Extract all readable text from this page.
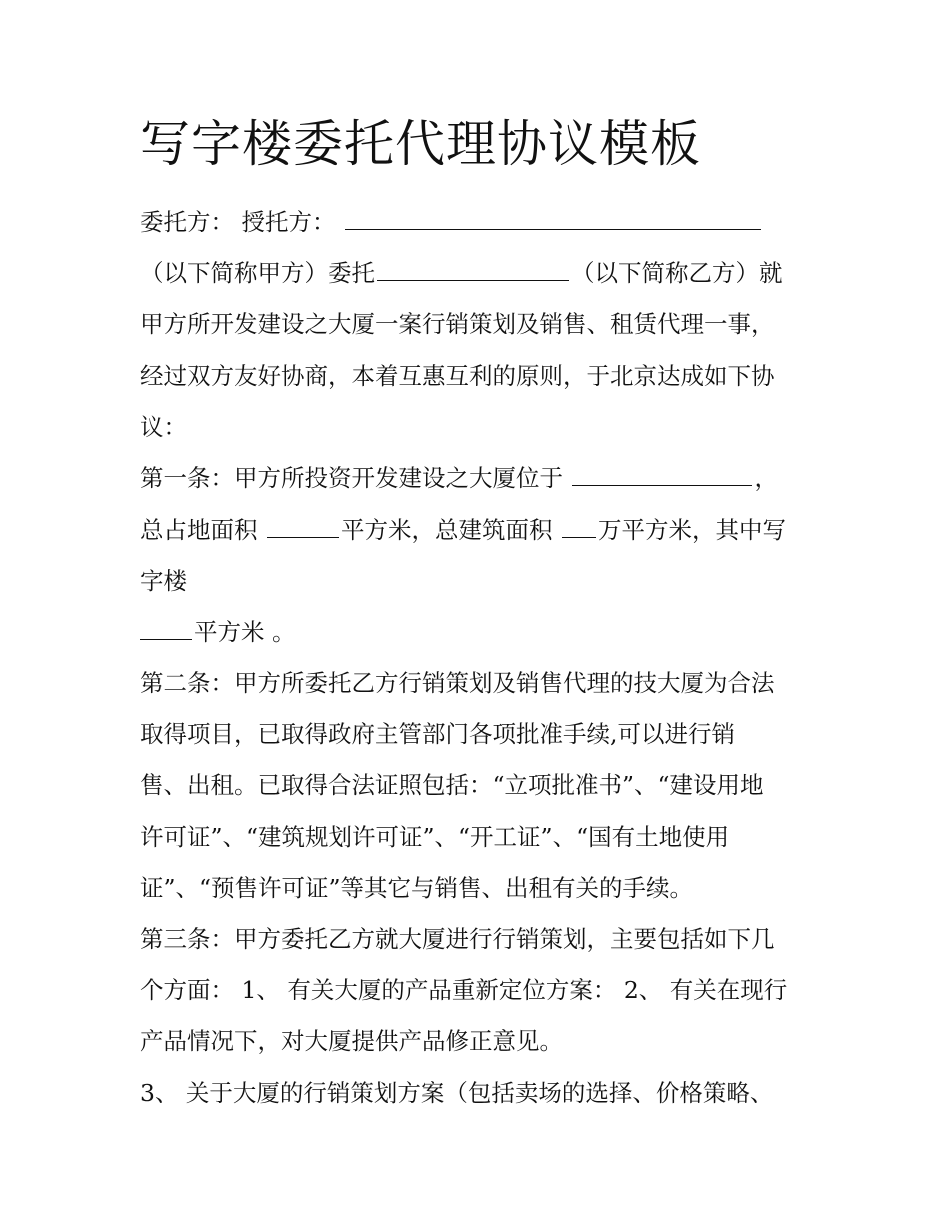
写字楼委托代理协议模板
委托方： 授托方：
（以下简称甲方）委托	（以下简称乙方）就
甲方所开发建设之大厦一案行销策划及销售、租赁代理一事，
经过双方友好协商，本着互惠互利的原则，于北京达成如下协
议：
第一条：甲方所投资开发建设之大厦位于	，
总占地面积	平方米，总建筑面积 万平方米，其中写
字楼
平方米 。
第二条：甲方所委托乙方行销策划及销售代理的技大厦为合法
取得项目，已取得政府主管部门各项批准手续,可以进行销
售、出租。已取得合法证照包括：“立项批准书”、“建设用地
许可证”、“建筑规划许可证”、“开工证”、“国有土地使用
证”、“预售许可证”等其它与销售、出租有关的手续。
第三条：甲方委托乙方就大厦进行行销策划，主要包括如下几
个方面： 1、 有关大厦的产品重新定位方案： 2、 有关在现行
产品情况下，对大厦提供产品修正意见。
3、 关于大厦的行销策划方案（包括卖场的选择、价格策略、
